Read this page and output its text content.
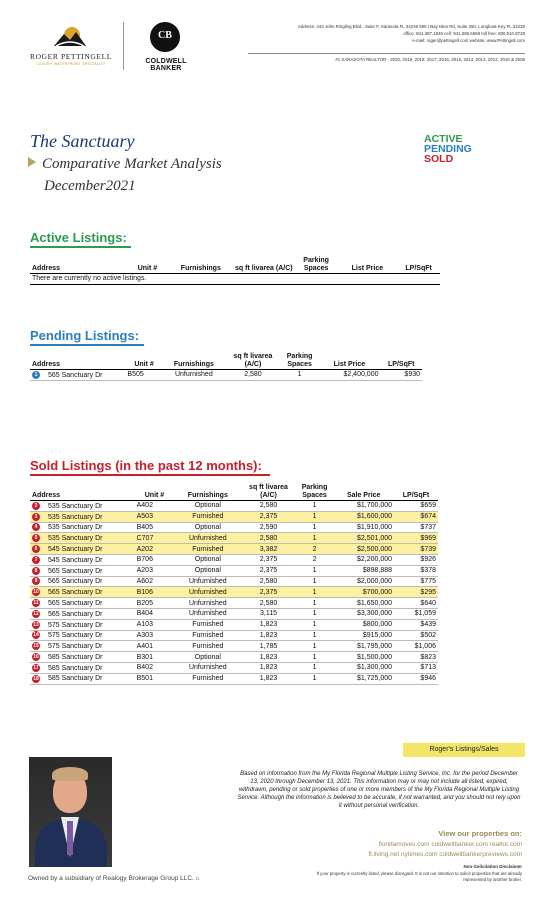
ROGER PETTINGELL
LUXURY WATERFRONT SPECIALIST
CB
COLDWELL BANKER
Address: 443 John Ringling Blvd., Suite F, Sarasota FL 34236 595 I Bay Isles Rd, Suite 250, Longboat Key FL 34228
office: 941.387.1840 cell: 941.586.6668 toll free: 800.910.8728
e-mail: roger@pettingell.com website: www.Pettingell.com
#1 SARASOTA REALTOR - 2020, 2019, 2018, 2017, 2016, 2015, 2014, 2013, 2012, 2010 & 2008
The Sanctuary
Comparative Market Analysis
December2021
ACTIVE
PENDING
SOLD
Active Listings:
Address	Unit #	Furnishings	sq ft livarea (A/C)	Parking Spaces	List Price	LP/SqFt
There are currently no active listings.
Pending Listings:
Address	Unit #	Furnishings	sq ft livarea (A/C)	Parking Spaces	List Price	LP/SqFt
1 565 Sanctuary Dr	B505	Unfurnished	2,580	1	$2,400,000	$930
Sold Listings (in the past 12 months):
Address	Unit #	Furnishings	sq ft livarea (A/C)	Parking Spaces	Sale Price	LP/SqFt
2 535 Sanctuary Dr	A402	Optional	2,580	1	$1,700,000	$659
3 535 Sanctuary Dr	A503	Furnished	2,375	1	$1,600,000	$674
4 535 Sanctuary Dr	B405	Optional	2,590	1	$1,910,000	$737
5 535 Sanctuary Dr	C707	Unfurnished	2,580	1	$2,501,000	$969
6 545 Sanctuary Dr	A202	Furnished	3,382	2	$2,500,000	$739
7 545 Sanctuary Dr	B706	Optional	2,375	2	$2,200,000	$926
8 565 Sanctuary Dr	A203	Optional	2,375	1	$898,888	$378
9 565 Sanctuary Dr	A602	Unfurnished	2,580	1	$2,000,000	$775
10 565 Sanctuary Dr	B106	Unfurnished	2,375	1	$700,000	$295
11 565 Sanctuary Dr	B205	Unfurnished	2,580	1	$1,650,000	$640
12 565 Sanctuary Dr	B404	Unfurnished	3,115	1	$3,300,000	$1,059
13 575 Sanctuary Dr	A103	Furnished	1,823	1	$800,000	$439
14 575 Sanctuary Dr	A303	Furnished	1,823	1	$915,000	$502
15 575 Sanctuary Dr	A401	Furnished	1,785	1	$1,795,000	$1,006
16 585 Sanctuary Dr	B301	Optional	1,823	1	$1,500,000	$823
17 585 Sanctuary Dr	B402	Unfurnished	1,823	1	$1,300,000	$713
18 585 Sanctuary Dr	B501	Furnished	1,823	1	$1,725,000	$946
Roger's Listings/Sales
Based on information from the My Florida Regional Multiple Listing Service, Inc. for the period December 13, 2020 through December 13, 2021. This information may or may not include all listed, expired, withdrawn, pending or sold properties of one or more members of the My Florida Regional Multiple Listing Service. Although the information is believed to be accurate, if not warranted, and you should not rely upon it without personal verification.
View our properties on:
floridamoves.com coldwellbanker.com realtor.com
fl.living.net nytimes.com coldwellbankerpreviews.com
Non-Solicitation Disclaimer
If your property is currently listed, please disregard. It is not our intention to solicit properties that are already represented by another broker.
Owned by a subsidiary of Realogy Brokerage Group LLC. ⌂
